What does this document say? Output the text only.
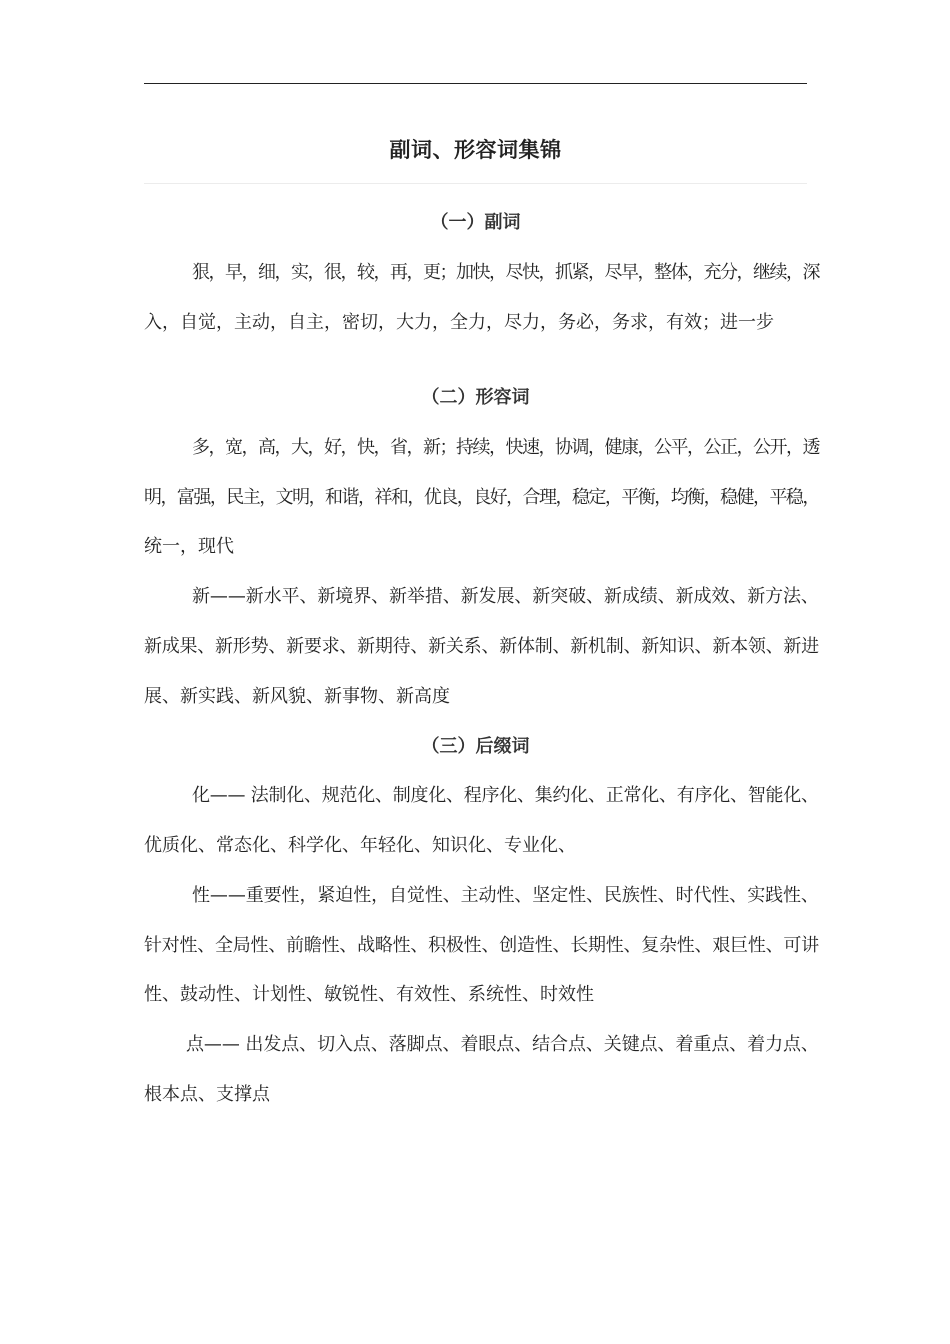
副词、形容词集锦
（一）副词
狠，早，细，实，很，较，再，更；加快，尽快，抓紧，尽早，整体，充分，继续，深
入，自觉，主动，自主，密切，大力，全力，尽力，务必，务求，有效；进一步
（二）形容词
多，宽，高，大，好，快，省，新；持续，快速，协调，健康，公平，公正，公开，透
明，富强，民主，文明，和谐，祥和，优良，良好，合理，稳定，平衡，均衡，稳健，平稳，
统一，现代
新——新水平、新境界、新举措、新发展、新突破、新成绩、新成效、新方法、
新成果、新形势、新要求、新期待、新关系、新体制、新机制、新知识、新本领、新进
展、新实践、新风貌、新事物、新高度
（三）后缀词
化—— 法制化、规范化、制度化、程序化、集约化、正常化、有序化、智能化、
优质化、常态化、科学化、年轻化、知识化、专业化、
性——重要性，紧迫性，自觉性、主动性、坚定性、民族性、时代性、实践性、
针对性、全局性、前瞻性、战略性、积极性、创造性、长期性、复杂性、艰巨性、可讲
性、鼓动性、计划性、敏锐性、有效性、系统性、时效性
点—— 出发点、切入点、落脚点、着眼点、结合点、关键点、着重点、着力点、
根本点、支撑点
